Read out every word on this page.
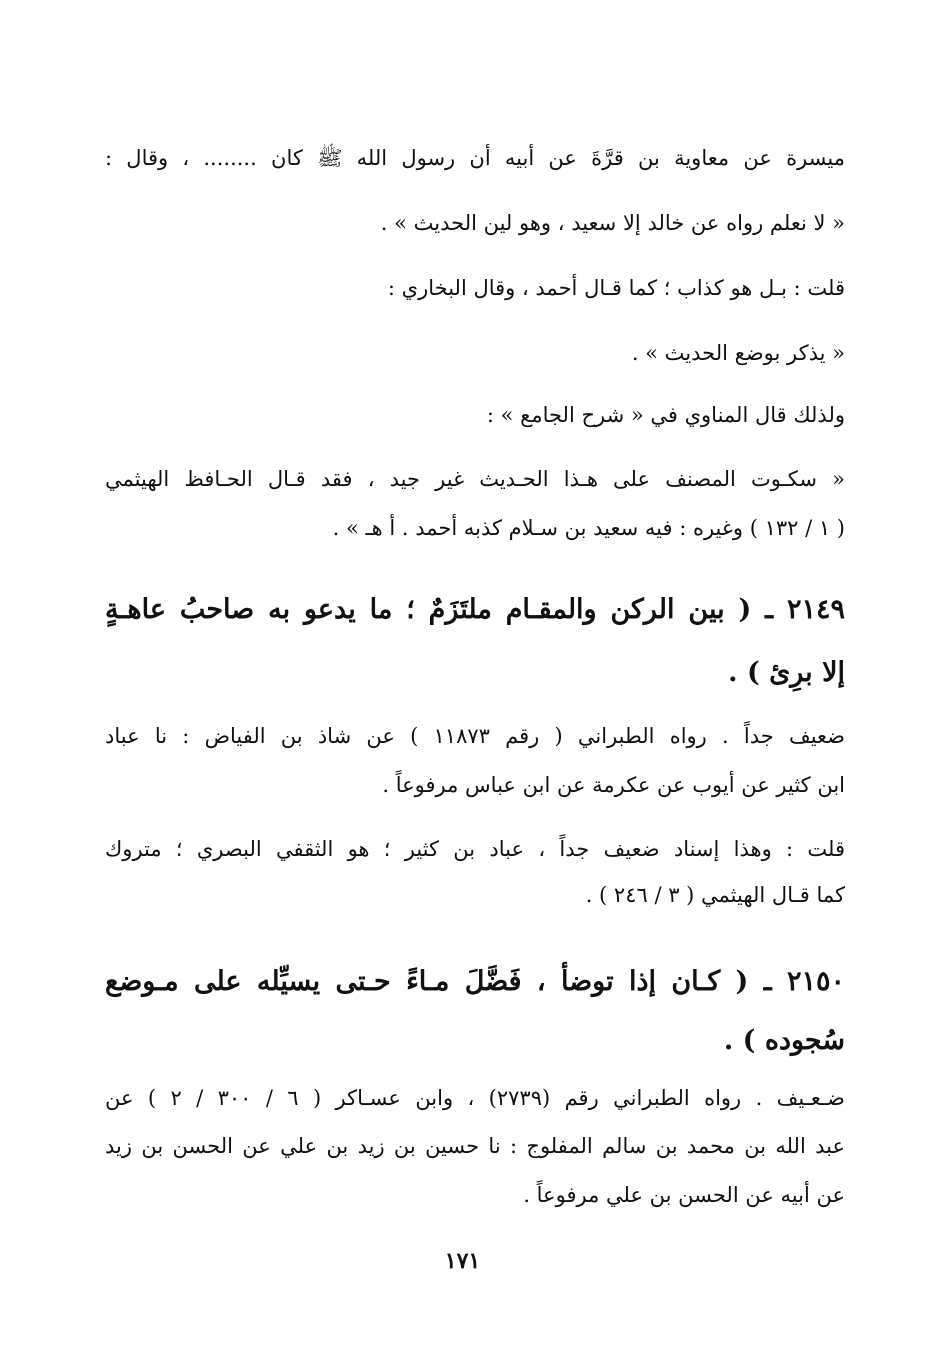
ميسرة عن معاوية بن قرَّةَ عن أبيه أن رسول الله ﷺ كان ........ ، وقال :
« لا نعلم رواه عن خالد إلا سعيد ، وهو لين الحديث » .
قلت : بـل هو كذاب ؛ كما قـال أحمد ، وقال البخاري :
« يذكر بوضع الحديث » .
ولذلك قال المناوي في « شرح الجامع » :
« سكـوت المصنف على هـذا الحـديث غير جيد ، فقد قـال الحـافظ الهيثمي
( ١ / ١٣٢ ) وغيره : فيه سعيد بن سـلام كذبه أحمد . أ هـ » .
٢١٤٩ ـ ( بين الركن والمقـام ملتَزَمٌ ؛ ما يدعو به صاحبُ عاهـةٍ
إلا برِئ ) .
ضعيف جداً . رواه الطبراني ( رقم ١١٨٧٣ ) عن شاذ بن الفياض : نا عباد
ابن كثير عن أيوب عن عكرمة عن ابن عباس مرفوعاً .
قلت : وهذا إسناد ضعيف جداً ، عباد بن كثير ؛ هو الثقفي البصري ؛ متروك
كما قـال الهيثمي ( ٣ / ٢٤٦ ) .
٢١٥٠ ـ ( كـان إذا توضأ ، فَضَّلَ مـاءً حـتى يسيِّله على مـوضع
سُجوده ) .
ضـعـيف . رواه الطبراني رقم (٢٧٣٩) ، وابن عسـاكر ( ٦ / ٣٠٠ / ٢ ) عن
عبد الله بن محمد بن سالم المفلوج : نا حسين بن زيد بن علي عن الحسن بن زيد
عن أبيه عن الحسن بن علي مرفوعاً .
١٧١
